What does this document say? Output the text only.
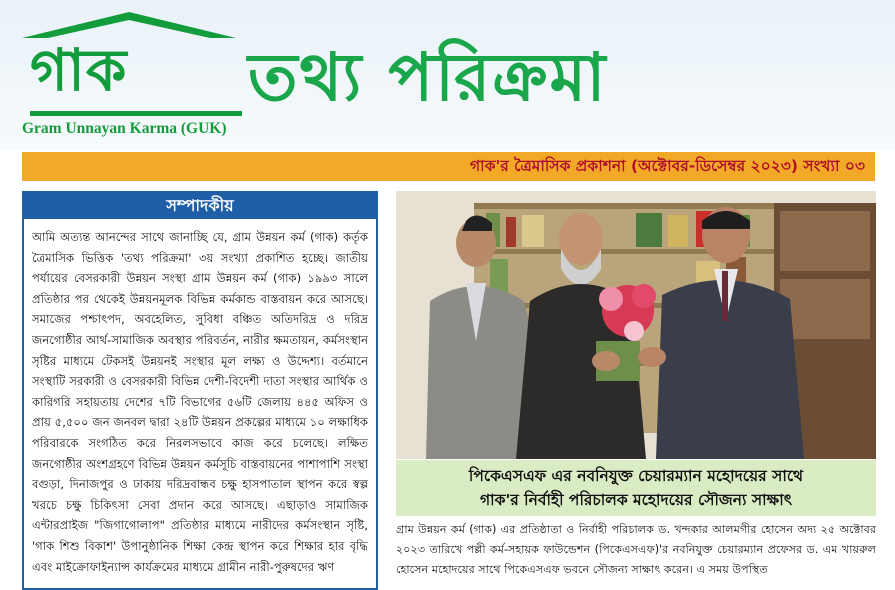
গাক
Gram Unnayan Karma (GUK)
তথ্য পরিক্রমা
গাক'র ত্রৈমাসিক প্রকাশনা (অক্টোবর-ডিসেম্বর ২০২৩) সংখ্যা ০৩
সম্পাদকীয়
আমি অত্যন্ত আনন্দের সাথে জানাচ্ছি যে, গ্রাম উন্নয়ন কর্ম (গাক) কর্তৃক ত্রৈমাসিক ভিত্তিক 'তথ্য পরিক্রমা' ৩য় সংখ্যা প্রকাশিত হচ্ছে। জাতীয় পর্যায়ের বেসরকারী উন্নয়ন সংস্থা গ্রাম উন্নয়ন কর্ম (গাক) ১৯৯৩ সালে প্রতিষ্ঠার পর থেকেই উন্নয়নমূলক বিভিন্ন কর্মকান্ড বাস্তবায়ন করে আসছে। সমাজের পশ্চাৎপদ, অবহেলিত, সুবিধা বঞ্চিত অতিদরিদ্র ও দরিদ্র জনগোষ্ঠীর আর্থ-সামাজিক অবস্থার পরিবর্তন, নারীর ক্ষমতায়ন, কর্মসংস্থান সৃষ্টির মাধ্যমে টেকসই উন্নয়নই সংস্থার মূল লক্ষ্য ও উদ্দেশ্য। বর্তমানে সংস্থাটি সরকারী ও বেসরকারী বিভিন্ন দেশী-বিদেশী দাতা সংস্থার আর্থিক ও কারিগরি সহায়তায় দেশের ৭টি বিভাগের ৫৬টি জেলায় ৪৪৫ অফিস ও প্রায় ৫,৫০০ জন জনবল দ্বারা ২৪টি উন্নয়ন প্রকল্পের মাধ্যমে ১০ লক্ষাধিক পরিবারকে সংগঠিত করে নিরলসভাবে কাজ করে চলেছে। লক্ষিত জনগোষ্ঠীর অংশগ্রহণে বিভিন্ন উন্নয়ন কর্মসূচি বাস্তবায়নের পাশাপাশি সংস্থা বগুড়া, দিনাজপুর ও ঢাকায় দরিদ্রবান্ধব চক্ষু হাসপাতাল স্থাপন করে স্বল্প খরচে চক্ষু চিকিৎসা সেবা প্রদান করে আসছে। এছাড়াও সামাজিক এন্টারপ্রাইজ "জিগাগোলাপ" প্রতিষ্ঠার মাধ্যমে নারীদের কর্মসংস্থান সৃষ্টি, 'গাক শিশু বিকাশ' উপানুষ্ঠানিক শিক্ষা কেন্দ্র স্থাপন করে শিক্ষার হার বৃদ্ধি এবং মাইক্রোফাইন্যান্স কার্যক্রমের মাধ্যমে গ্রামীন নারী-পুরুষদের ঋণ
পিকেএসএফ এর নবনিযুক্ত চেয়ারম্যান মহোদয়ের সাথে
গাক'র নির্বাহী পরিচালক মহোদয়ের সৌজন্য সাক্ষাৎ
গ্রাম উন্নয়ন কর্ম (গাক) এর প্রতিষ্ঠাতা ও নির্বাহী পরিচালক ড. খন্দকার আলমগীর হোসেন অদ্য ২৫ অক্টোবর ২০২৩ তারিখে পল্লী কর্ম-সহায়ক ফাউন্ডেশন (পিকেএসএফ)'র নবনিযুক্ত চেয়ারম্যান প্রফেসর ড. এম খায়রুল হোসেন মহোদয়ের সাথে পিকেএসএফ ভবনে সৌজন্য সাক্ষাৎ করেন। এ সময় উপস্থিত
